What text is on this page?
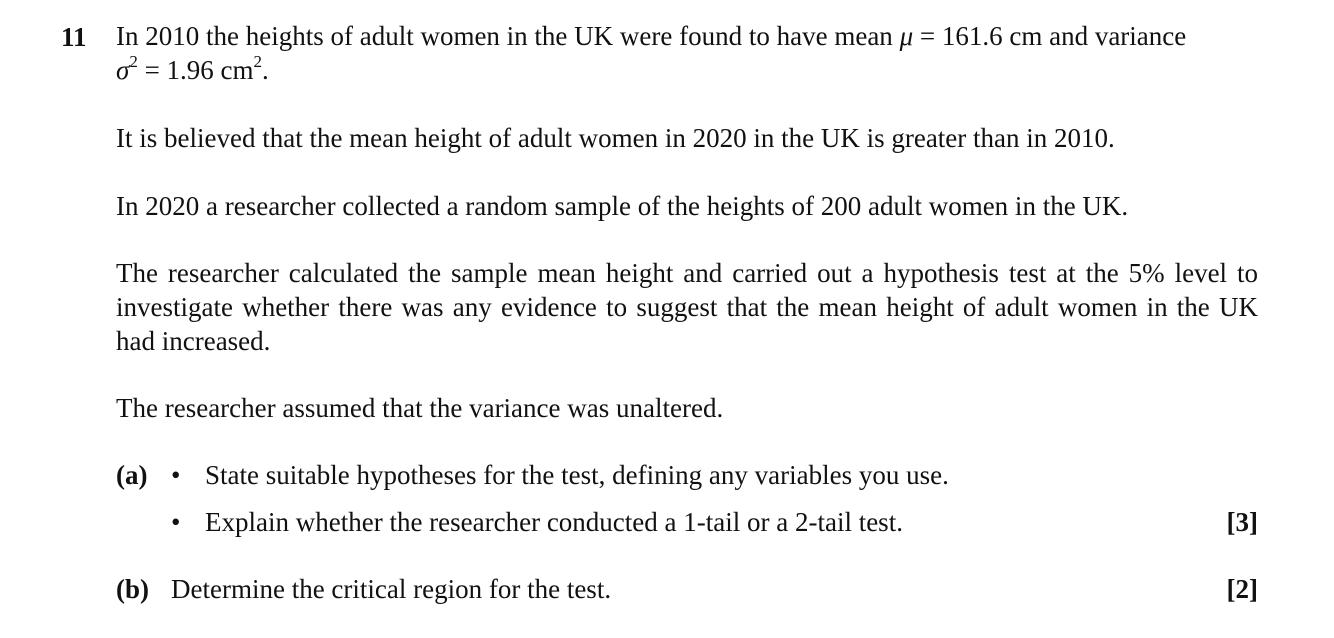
11 In 2010 the heights of adult women in the UK were found to have mean μ = 161.6 cm and variance
$\sigma^2 = 1.96$ $cm^2$.
It is believed that the mean height of adult women in 2020 in the UK is greater than in 2010.
In 2020 a researcher collected a random sample of the heights of 200 adult women in the UK.
The researcher calculated the sample mean height and carried out a hypothesis test at the 5% level to investigate whether there was any evidence to suggest that the mean height of adult women in the UK had increased.
The researcher assumed that the variance was unaltered.
(a) • State suitable hypotheses for the test, defining any variables you use.
• Explain whether the researcher conducted a 1-tail or a 2-tail test.	[3]
(b) Determine the critical region for the test.	[2]
